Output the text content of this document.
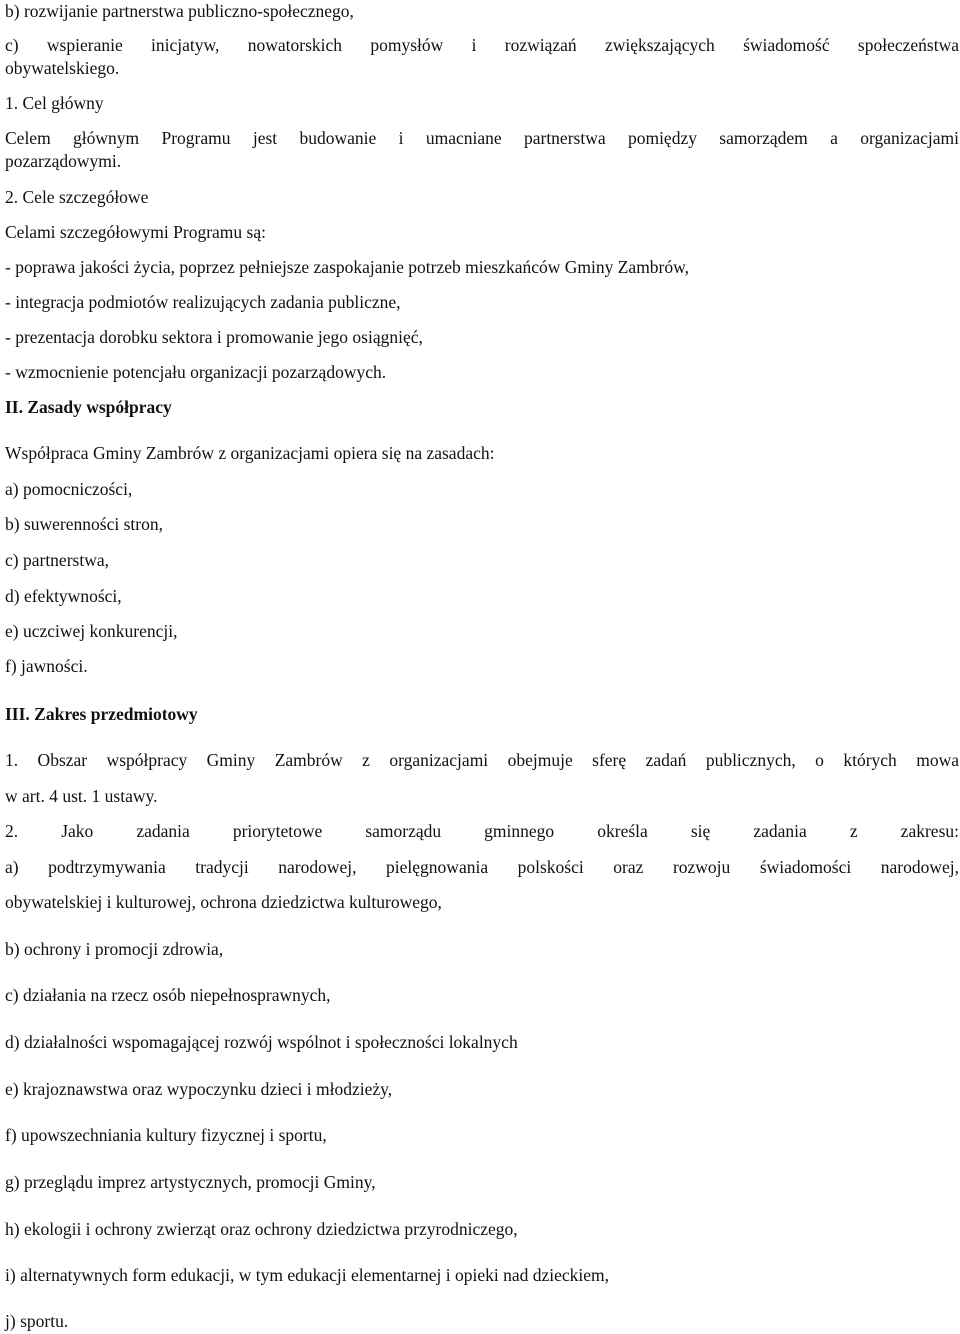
b) rozwijanie partnerstwa publiczno-społecznego,
c) wspieranie inicjatyw, nowatorskich pomysłów i rozwiązań zwiększających świadomość społeczeństwa
obywatelskiego.
1. Cel główny
Celem głównym Programu jest budowanie i umacniane partnerstwa pomiędzy samorządem a organizacjami
pozarządowymi.
2. Cele szczegółowe
Celami szczegółowymi Programu są:
- poprawa jakości życia, poprzez pełniejsze zaspokajanie potrzeb mieszkańców Gminy Zambrów,
- integracja podmiotów realizujących zadania publiczne,
- prezentacja dorobku sektora i promowanie jego osiągnięć,
- wzmocnienie potencjału organizacji pozarządowych.
II. Zasady współpracy
Współpraca Gminy Zambrów z organizacjami opiera się na zasadach:
a) pomocniczości,
b) suwerenności stron,
c) partnerstwa,
d) efektywności,
e) uczciwej konkurencji,
f) jawności.
III. Zakres przedmiotowy
1. Obszar współpracy Gminy Zambrów z organizacjami obejmuje sferę zadań publicznych, o których mowa
w art. 4 ust. 1 ustawy.
2. Jako zadania priorytetowe samorządu gminnego określa się zadania z zakresu:
a) podtrzymywania tradycji narodowej, pielęgnowania polskości oraz rozwoju świadomości narodowej,
obywatelskiej i kulturowej, ochrona dziedzictwa kulturowego,
b) ochrony i promocji zdrowia,
c) działania na rzecz osób niepełnosprawnych,
d) działalności wspomagającej rozwój wspólnot i społeczności lokalnych
e) krajoznawstwa oraz wypoczynku dzieci i młodzieży,
f) upowszechniania kultury fizycznej i sportu,
g) przeglądu imprez artystycznych, promocji Gminy,
h) ekologii i ochrony zwierząt oraz ochrony dziedzictwa przyrodniczego,
i) alternatywnych form edukacji, w tym edukacji elementarnej i opieki nad dzieckiem,
j) sportu.
